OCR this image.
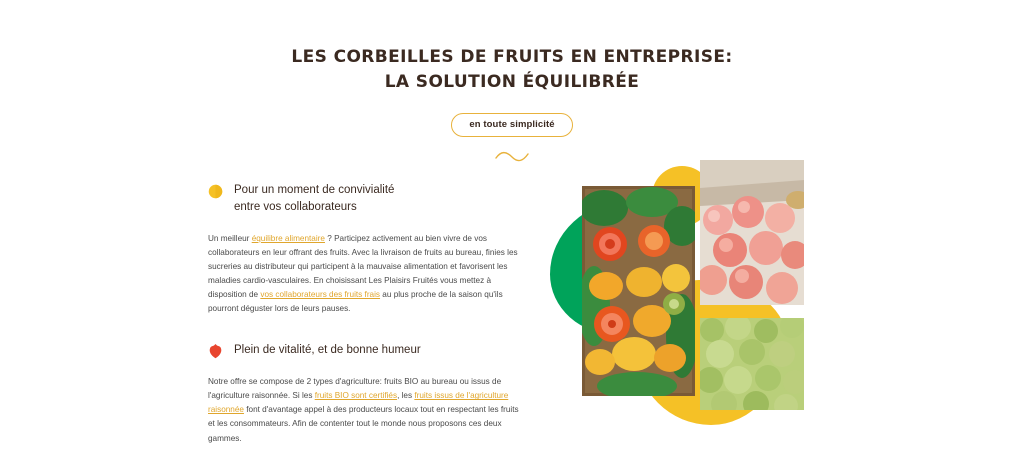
LES CORBEILLES DE FRUITS EN ENTREPRISE:
LA SOLUTION ÉQUILIBRÉE
en toute simplicité
Pour un moment de convivialité
entre vos collaborateurs

Un meilleur équilibre alimentaire ? Participez activement au bien vivre de vos collaborateurs en leur offrant des fruits. Avec la livraison de fruits au bureau, finies les sucreries au distributeur qui participent à la mauvaise alimentation et favorisent les maladies cardio-vasculaires. En choisissant Les Plaisirs Fruités vous mettez à disposition de vos collaborateurs des fruits frais au plus proche de la saison qu'ils pourront déguster lors de leurs pauses.

Plein de vitalité, et de bonne humeur

Notre offre se compose de 2 types d'agriculture: fruits BIO au bureau ou issus de l'agriculture raisonnée. Si les fruits BIO sont certifiés, les fruits issus de l'agriculture raisonnée font d'avantage appel à des producteurs locaux tout en respectant les fruits et les consommateurs. Afin de contenter tout le monde nous proposons ces deux gammes.
